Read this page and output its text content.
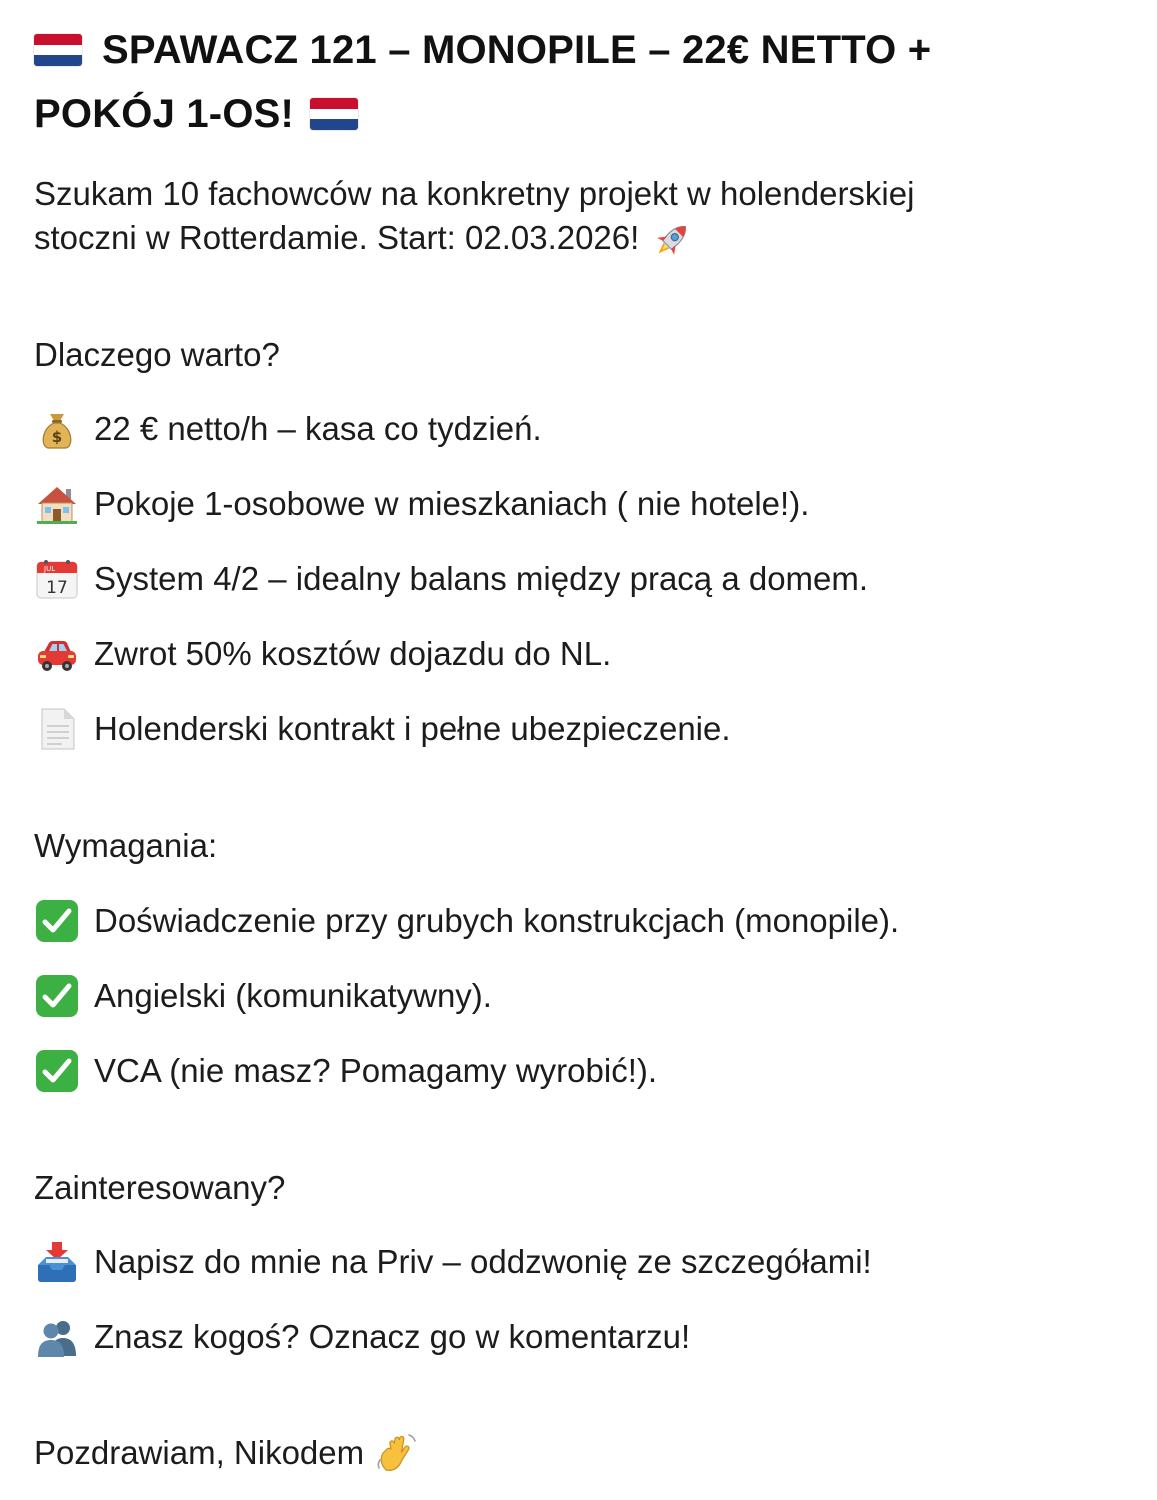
SPAWACZ 121 – MONOPILE – 22€ NETTO +
POKÓJ 1-OS!

Szukam 10 fachowców na konkretny projekt w holenderskiej
stoczni w Rotterdamie. Start: 02.03.2026!

Dlaczego warto?
$ 22 € netto/h – kasa co tydzień.
Pokoje 1-osobowe w mieszkaniach ( nie hotele!).
JUL
17 System 4/2 – idealny balans między pracą a domem.
Zwrot 50% kosztów dojazdu do NL.
Holenderski kontrakt i pełne ubezpieczenie.
Wymagania:
Doświadczenie przy grubych konstrukcjach (monopile).
Angielski (komunikatywny).
VCA (nie masz? Pomagamy wyrobić!).
Zainteresowany?
Napisz do mnie na Priv – oddzwonię ze szczegółami!
Znasz kogoś? Oznacz go w komentarzu!

Pozdrawiam, Nikodem
